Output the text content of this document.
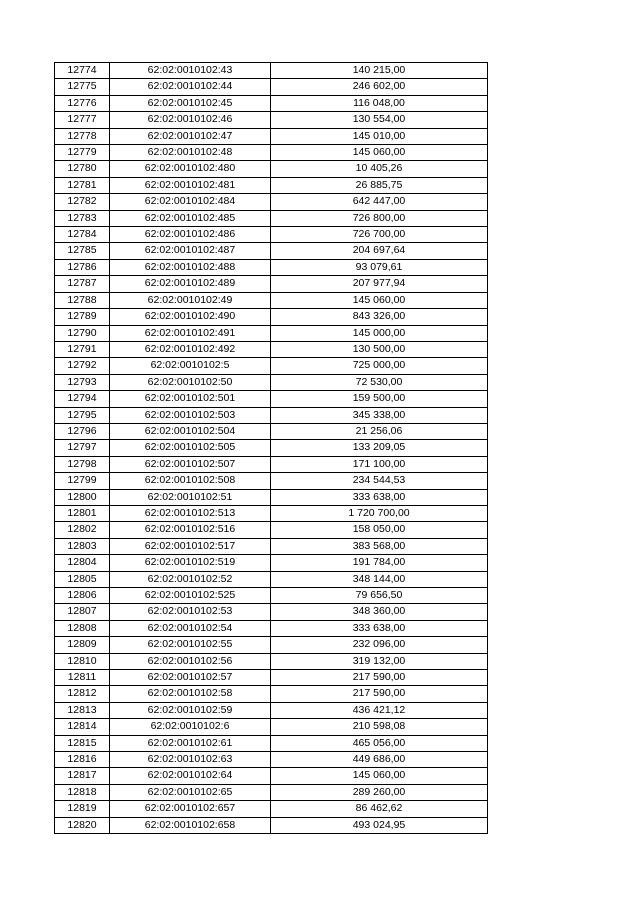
12774	62:02:0010102:43	140 215,00
12775	62:02:0010102:44	246 602,00
12776	62:02:0010102:45	116 048,00
12777	62:02:0010102:46	130 554,00
12778	62:02:0010102:47	145 010,00
12779	62:02:0010102:48	145 060,00
12780	62:02:0010102:480	10 405,26
12781	62:02:0010102:481	26 885,75
12782	62:02:0010102:484	642 447,00
12783	62:02:0010102:485	726 800,00
12784	62:02:0010102:486	726 700,00
12785	62:02:0010102:487	204 697,64
12786	62:02:0010102:488	93 079,61
12787	62:02:0010102:489	207 977,94
12788	62:02:0010102:49	145 060,00
12789	62:02:0010102:490	843 326,00
12790	62:02:0010102:491	145 000,00
12791	62:02:0010102:492	130 500,00
12792	62:02:0010102:5	725 000,00
12793	62:02:0010102:50	72 530,00
12794	62:02:0010102:501	159 500,00
12795	62:02:0010102:503	345 338,00
12796	62:02:0010102:504	21 256,06
12797	62:02:0010102:505	133 209,05
12798	62:02:0010102:507	171 100,00
12799	62:02:0010102:508	234 544,53
12800	62:02:0010102:51	333 638,00
12801	62:02:0010102:513	1 720 700,00
12802	62:02:0010102:516	158 050,00
12803	62:02:0010102:517	383 568,00
12804	62:02:0010102:519	191 784,00
12805	62:02:0010102:52	348 144,00
12806	62:02:0010102:525	79 656,50
12807	62:02:0010102:53	348 360,00
12808	62:02:0010102:54	333 638,00
12809	62:02:0010102:55	232 096,00
12810	62:02:0010102:56	319 132,00
12811	62:02:0010102:57	217 590,00
12812	62:02:0010102:58	217 590,00
12813	62:02:0010102:59	436 421,12
12814	62:02:0010102:6	210 598,08
12815	62:02:0010102:61	465 056,00
12816	62:02:0010102:63	449 686,00
12817	62:02:0010102:64	145 060,00
12818	62:02:0010102:65	289 260,00
12819	62:02:0010102:657	86 462,62
12820	62:02:0010102:658	493 024,95
